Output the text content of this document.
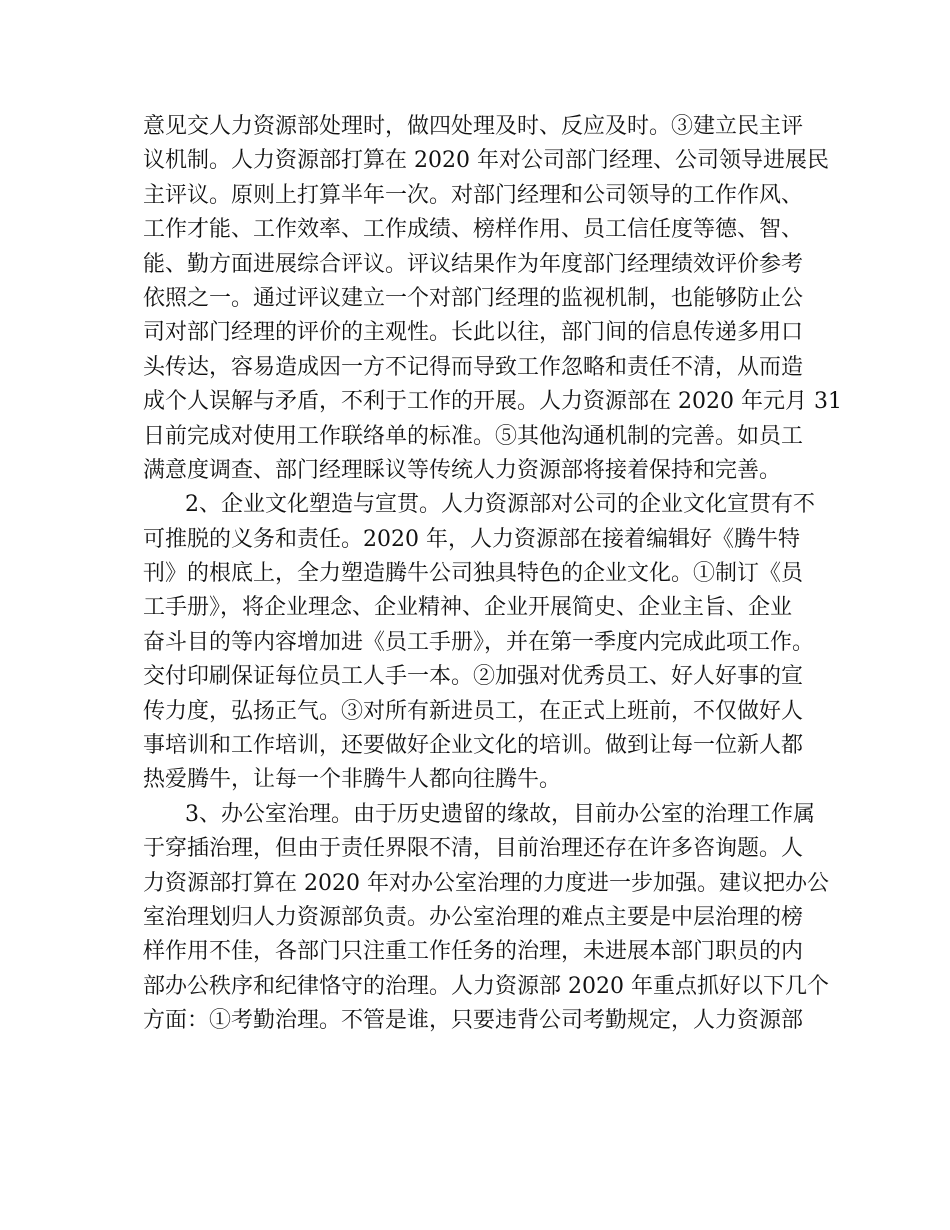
意见交人力资源部处理时，做四处理及时、反应及时。③建立民主评
议机制。人力资源部打算在 2020 年对公司部门经理、公司领导进展民
主评议。原则上打算半年一次。对部门经理和公司领导的工作作风、
工作才能、工作效率、工作成绩、榜样作用、员工信任度等德、智、
能、勤方面进展综合评议。评议结果作为年度部门经理绩效评价参考
依照之一。通过评议建立一个对部门经理的监视机制，也能够防止公
司对部门经理的评价的主观性。长此以往，部门间的信息传递多用口
头传达，容易造成因一方不记得而导致工作忽略和责任不清，从而造
成个人误解与矛盾，不利于工作的开展。人力资源部在 2020 年元月 31
日前完成对使用工作联络单的标准。⑤其他沟通机制的完善。如员工
满意度调查、部门经理睬议等传统人力资源部将接着保持和完善。
2、企业文化塑造与宣贯。人力资源部对公司的企业文化宣贯有不
可推脱的义务和责任。2020 年，人力资源部在接着编辑好《腾牛特
刊》的根底上，全力塑造腾牛公司独具特色的企业文化。①制订《员
工手册》，将企业理念、企业精神、企业开展简史、企业主旨、企业
奋斗目的等内容增加进《员工手册》，并在第一季度内完成此项工作。
交付印刷保证每位员工人手一本。②加强对优秀员工、好人好事的宣
传力度，弘扬正气。③对所有新进员工，在正式上班前，不仅做好人
事培训和工作培训，还要做好企业文化的培训。做到让每一位新人都
热爱腾牛，让每一个非腾牛人都向往腾牛。
3、办公室治理。由于历史遗留的缘故，目前办公室的治理工作属
于穿插治理，但由于责任界限不清，目前治理还存在许多咨询题。人
力资源部打算在 2020 年对办公室治理的力度进一步加强。建议把办公
室治理划归人力资源部负责。办公室治理的难点主要是中层治理的榜
样作用不佳，各部门只注重工作任务的治理，未进展本部门职员的内
部办公秩序和纪律恪守的治理。人力资源部 2020 年重点抓好以下几个
方面：①考勤治理。不管是谁，只要违背公司考勤规定，人力资源部
